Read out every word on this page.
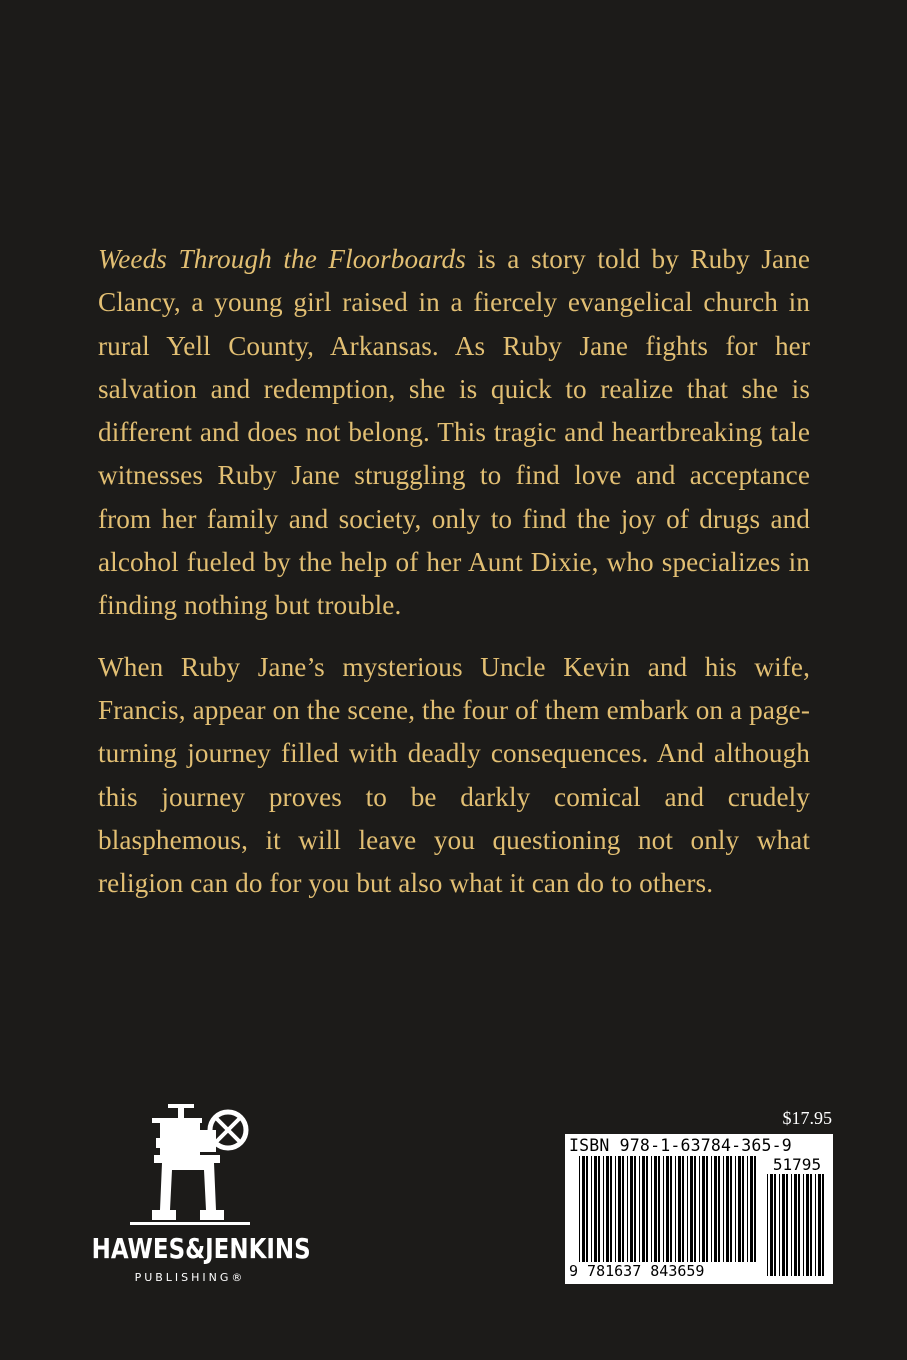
Weeds Through the Floorboards is a story told by Ruby Jane Clancy, a young girl raised in a fiercely evangelical church in rural Yell County, Arkansas. As Ruby Jane fights for her salvation and redemption, she is quick to realize that she is different and does not belong. This tragic and heartbreaking tale witnesses Ruby Jane struggling to find love and acceptance from her family and society, only to find the joy of drugs and alcohol fueled by the help of her Aunt Dixie, who specializes in finding nothing but trouble.

When Ruby Jane’s mysterious Uncle Kevin and his wife, Francis, appear on the scene, the four of them embark on a page-turning journey filled with deadly consequences. And although this journey proves to be darkly comical and crudely blasphemous, it will leave you questioning not only what religion can do for you but also what it can do to others.

HAWES&JENKINS
PUBLISHING®
$17.95
ISBN 978-1-63784-365-9
51795
9 781637 843659
